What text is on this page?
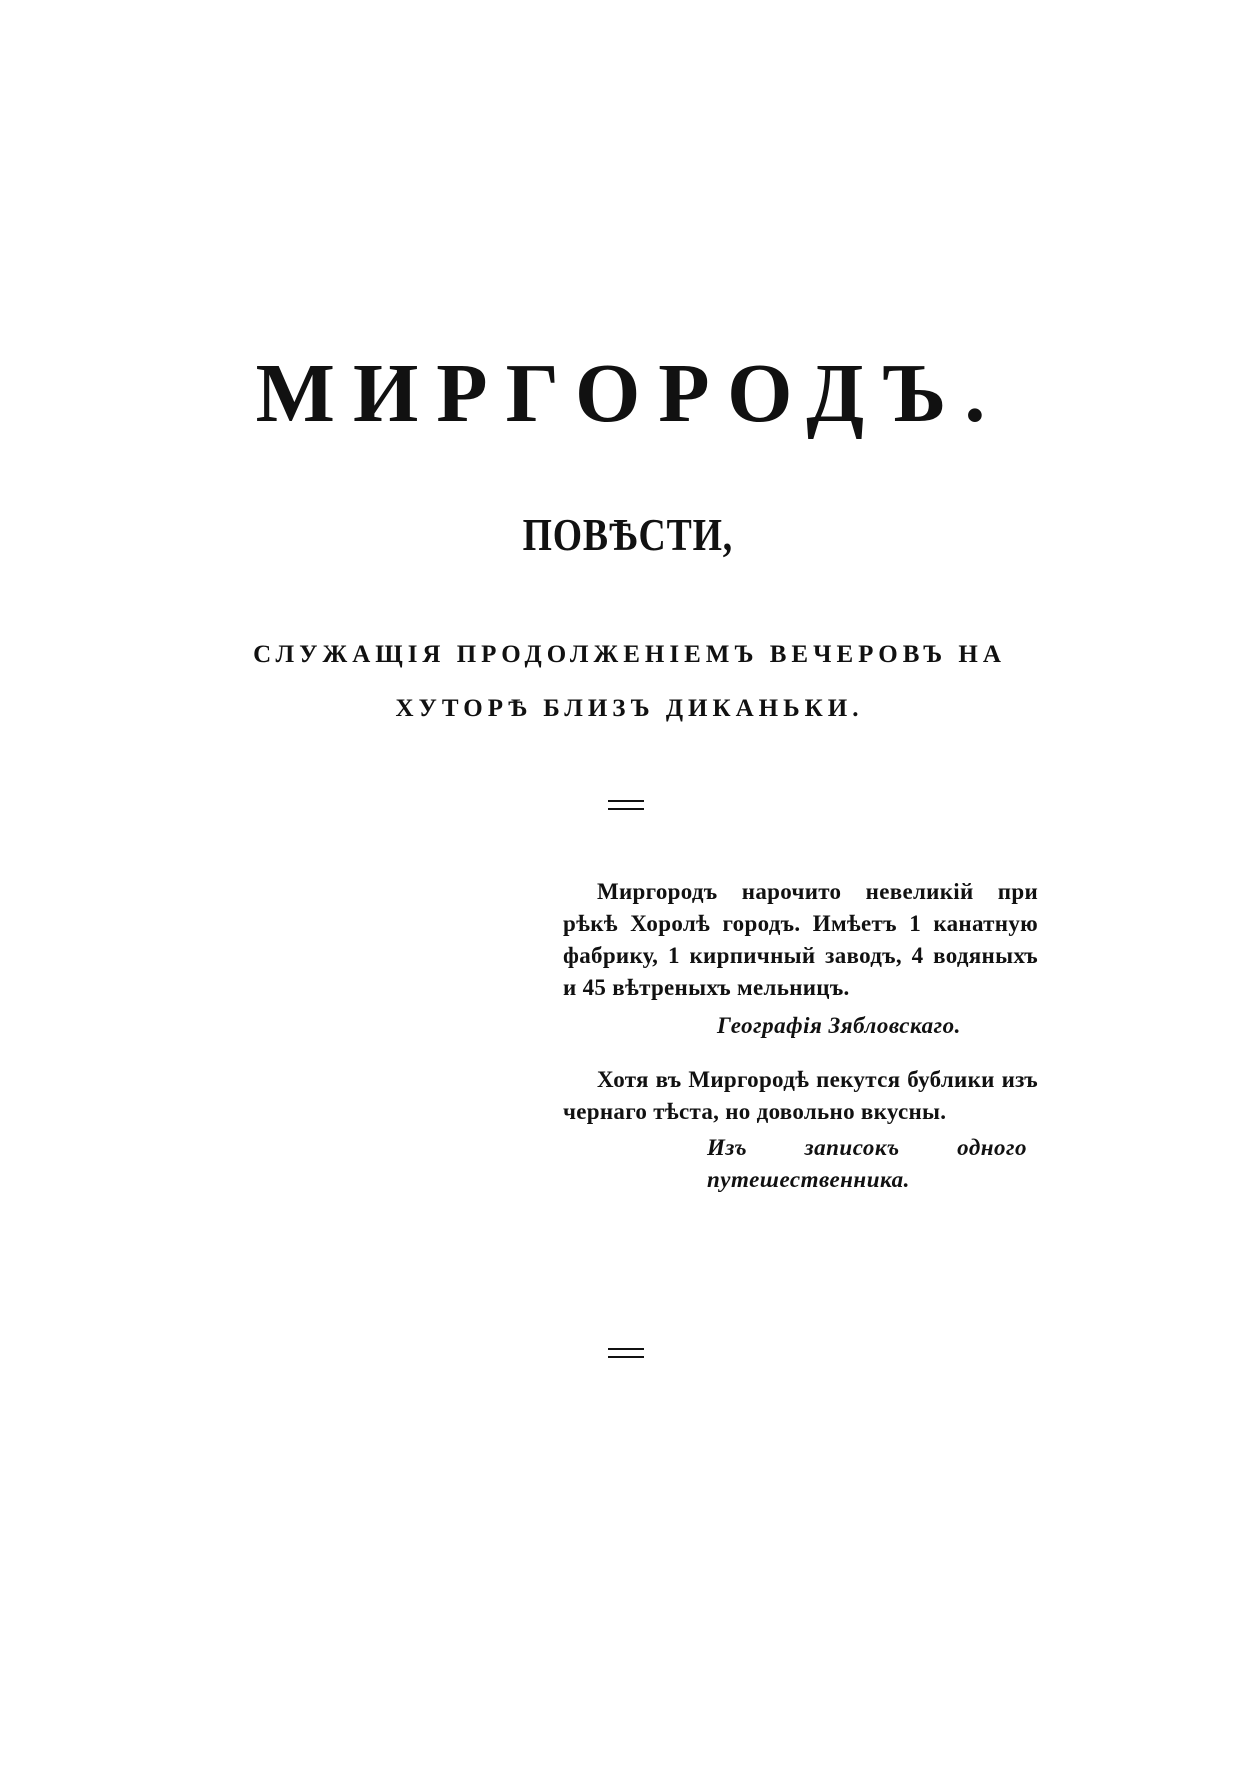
МИРГОРОДЪ.
ПОВѢСТИ,
СЛУЖАЩІЯ ПРОДОЛЖЕНІЕМЪ ВЕЧЕРОВЪ НА
ХУТОРѢ БЛИЗЪ ДИКАНЬКИ.

Миргородъ нарочито невеликій при рѣкѣ Хоролѣ городъ. Имѣетъ 1 канатную фабрику, 1 кирпичный заводъ, 4 водяныхъ и 45 вѣтреныхъ мельницъ.

Географія Зябловскаго.

Хотя въ Миргородѣ пекутся бублики изъ чернаго тѣста, но довольно вкусны.

Изъ записокъ одного путешественника.
